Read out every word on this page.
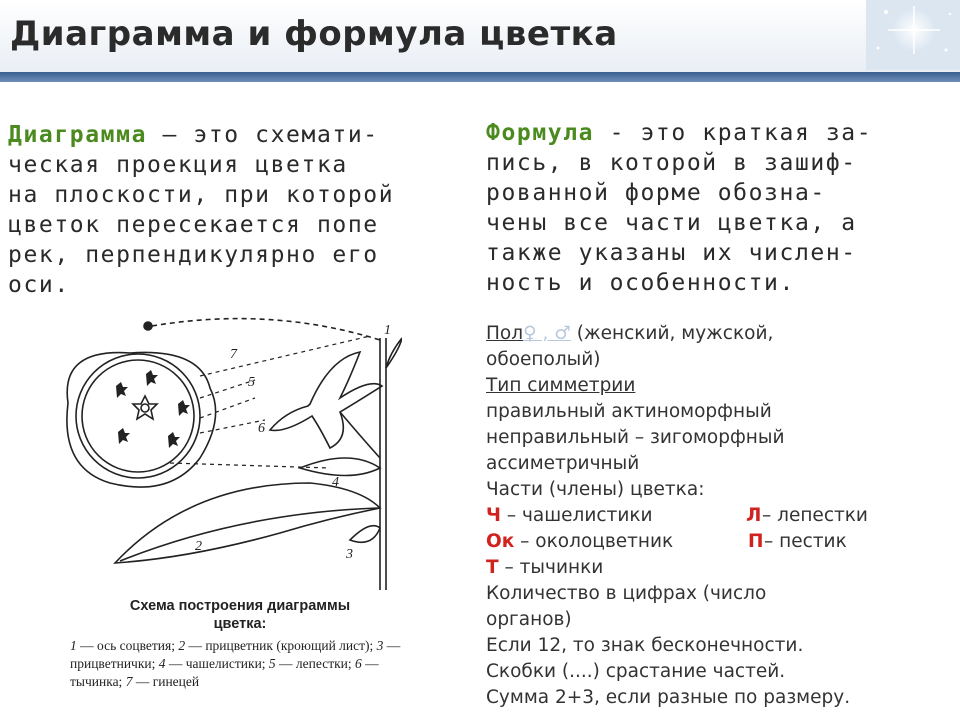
Диаграмма и формула цветка
Диаграмма – это схемати-
ческая проекция цветка
на плоскости, при которой
цветок пересекается попе
рек, перпендикулярно его
оси.
Формула - это краткая за-
пись, в которой в зашиф-
рованной форме обозна-
чены все части цветка, а
также указаны их числен-
ность и особенности.
Пол♀ , ♂ (женский, мужской,
обоеполый)
Тип симметрии
правильный актиноморфный
неправильный – зигоморфный
ассиметричный
Части (члены) цветка:
Ч – чашелистики	Л – лепестки
Ок – околоцветник	П – пестик
Т – тычинки
Количество в цифрах (число
органов)
Если 12, то знак бесконечности.
Скобки (....) срастание частей.
Сумма 2+3, если разные по размеру.
1
2
3
4
5
6
7
Схема построения диаграммы
цветка:
1 — ось соцветия; 2 — прицветник (кроющий лист); 3 — прицветнички; 4 — чашелистики; 5 — лепестки; 6 — тычинка; 7 — гинецей
